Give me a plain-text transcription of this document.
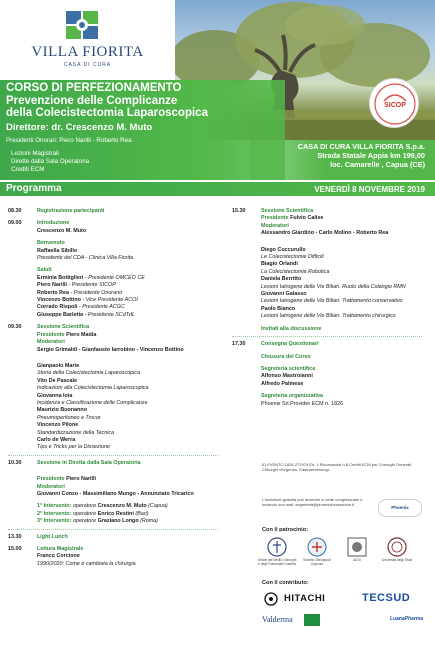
VILLA FIORITA
CASA DI CURA
SICOP
CORSO DI PERFEZIONAMENTO
Prevenzione delle Complicanze
della Colecistectomia Laparoscopica
Direttore: dr. Crescenzo M. Muto
Presidenti Onorari: Piero Narilli - Roberto Rea
Lezioni Magistrali
Dirette dalla Sala Operatoria
Crediti ECM
CASA DI CURA VILLA FIORITA S.p.a.
Strada Statale Appia km 199,00
loc. Camarelle , Capua (CE)
Programma	VENERDÌ 8 NOVEMBRE 2019
08.30	Registrazione partecipanti
09.00	Introduzione
Crescenzo M. Muto
Benvenuto
Raffaella Sibillo
Presidente del CDA - Clinica Villa Fiorita
Saluti
Erminia Bottiglieri - Presidente OMCEO CE
Piero Narilli - Presidente SICOP
Roberto Rea - Presidente Onorario
Vincenzo Bottino - Vice Presidente ACOI
Corrado Rispoli - Presidente ACGC
Giuseppe Barletta - Presidente SCdTdL
09.30	Sessione Scientifica
Presidente Piero Maida
Moderatori
Sergio Grimaldi - Gianfausto Iarrobino - Vincenzo Bottino
Gianpaolo Marte
Storia della Colecistectomia Laparoscopica
Vito De Pascale
Indicazioni alla Colecistectomia Laparoscopica
Giovanna Ioia
Incidenza e Classificazione delle Complicanze
Maurizio Buonanno
Pneumoperitoneo e Trocar
Vincenzo Pilone
Standardizzazione della Tecnica
Carlo de Werra
Tips e Tricks per la Dissezione
10.30	Sessione in Diretta dalla Sala Operatoria
Presidente Piero Narilli
Moderatori
Giovanni Conzo - Massimiliano Mungo - Annunziato Tricarico
1° Intervento: operatore Crescenzo M. Muto (Capua)
2° Intervento: operatore Enrico Restini (Bari)
3° Intervento: operatore Graziano Longo (Roma)
13.30	Light Lunch
15.00	Lettura Magistrale
Franco Corcione
1990/2020: Come è cambiata la chirurgia
15.30	Sessione Scientifica
Presidente Fulvio Calise
Moderatori
Alessandro Giardino - Carlo Molino - Roberto Rea
Diego Cuccurullo
Le Colecistectomie Difficili
Biagio Orlandi
La Colecistectomia Robotica
Daniela Berritto
Lesioni Iatrogene delle Vie Biliari. Ruolo della Colangio RMN
Giovanni Galasso
Lesioni Iatrogene delle Vie Biliari. Trattamento conservativo
Paolo Bianco
Lesioni Iatrogene delle Vie Biliari. Trattamento chirurgico
Invitati alla discussione
17.30	Consegna Questionari
Chiusura del Corso
Segreteria scientifica
Alfonso Mastroianni
Alfredo Palmese
Segreteria organizzativa
Phoenix Srl Provider ECM n. 1826
ID EVENTO 1826-272979 Ed. 1 Riconosciuti n.8 Crediti ECM per Chirurghi Generali, Chirurghi d'urgenza, Gastroenterologi.
L'iscrizione gratuita può avvenire in sede congressuale o inviando una mail: segreteria@phoenixformazione.it
Phoenix
Con il patrocinio:
Ordine dei Medici Chirurghi e degli Odontoiatri Caserta
Società Chirurgia di Urgenza
ACOI	Università degli Studi
Con il contributo:
HITACHI	TECSUD
Valderma	LuanaPharma
